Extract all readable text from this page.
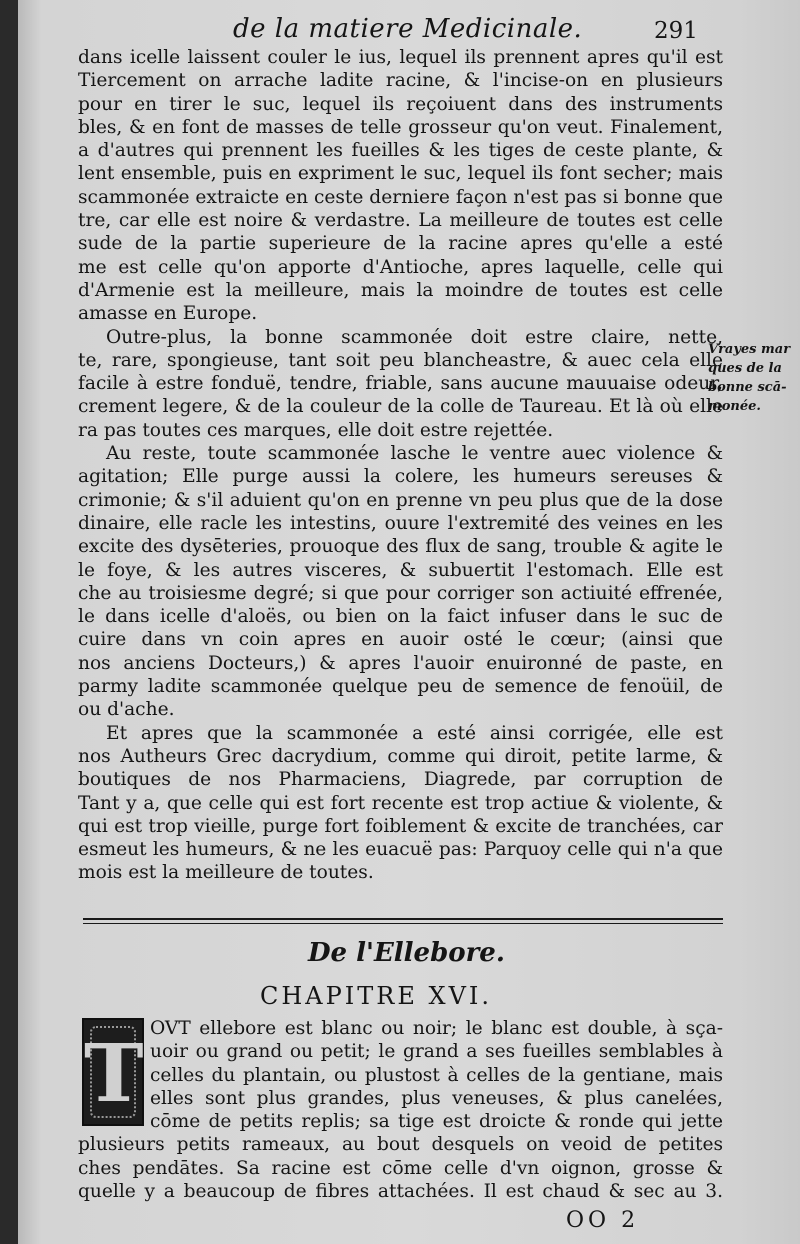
de la matiere Medicinale.	291
dans icelle laissent couler le ius, lequel ils prennent apres qu'il est
Tiercement on arrache ladite racine, & l'incise-on en plusieurs
pour en tirer le suc, lequel ils reçoiuent dans des instruments
bles, & en font de masses de telle grosseur qu'on veut. Finalement,
a d'autres qui prennent les fueilles & les tiges de ceste plante, &
lent ensemble, puis en expriment le suc, lequel ils font secher; mais
scammonée extraicte en ceste derniere façon n'est pas si bonne que
tre, car elle est noire & verdastre. La meilleure de toutes est celle
sude de la partie superieure de la racine apres qu'elle a esté
me est celle qu'on apporte d'Antioche, apres laquelle, celle qui
d'Armenie est la meilleure, mais la moindre de toutes est celle
amasse en Europe.
Outre-plus, la bonne scammonée doit estre claire, nette,
te, rare, spongieuse, tant soit peu blancheastre, & auec cela elle
facile à estre fonduë, tendre, friable, sans aucune mauuaise odeur,
crement legere, & de la couleur de la colle de Taureau. Et là où elle
ra pas toutes ces marques, elle doit estre rejettée.
Au reste, toute scammonée lasche le ventre auec violence &
agitation; Elle purge aussi la colere, les humeurs sereuses &
crimonie; & s'il aduient qu'on en prenne vn peu plus que de la dose
dinaire, elle racle les intestins, ouure l'extremité des veines en les
excite des dysēteries, prouoque des flux de sang, trouble & agite le
le foye, & les autres visceres, & subuertit l'estomach. Elle est
che au troisiesme degré; si que pour corriger son actiuité effrenée,
le dans icelle d'aloës, ou bien on la faict infuser dans le suc de
cuire dans vn coin apres en auoir osté le cœur; (ainsi que
nos anciens Docteurs,) & apres l'auoir enuironné de paste, en
parmy ladite scammonée quelque peu de semence de fenoüil, de
ou d'ache.
Et apres que la scammonée a esté ainsi corrigée, elle est
nos Autheurs Grec dacrydium, comme qui diroit, petite larme, &
boutiques de nos Pharmaciens, Diagrede, par corruption de
Tant y a, que celle qui est fort recente est trop actiue & violente, &
qui est trop vieille, purge fort foiblement & excite de tranchées, car
esmeut les humeurs, & ne les euacuë pas: Parquoy celle qui n'a que
mois est la meilleure de toutes.
Vrayes mar
ques de la
bonne scā-
monée.
De l'Ellebore.
CHAPITRE XVI.
T OVT ellebore est blanc ou noir; le blanc est double, à sça-
uoir ou grand ou petit; le grand a ses fueilles semblables à
celles du plantain, ou plustost à celles de la gentiane, mais
elles sont plus grandes, plus veneuses, & plus canelées,
cōme de petits replis; sa tige est droicte & ronde qui jette
plusieurs petits rameaux, au bout desquels on veoid de petites
ches pendātes. Sa racine est cōme celle d'vn oignon, grosse &
quelle y a beaucoup de fibres attachées. Il est chaud & sec au 3.
OO 2
